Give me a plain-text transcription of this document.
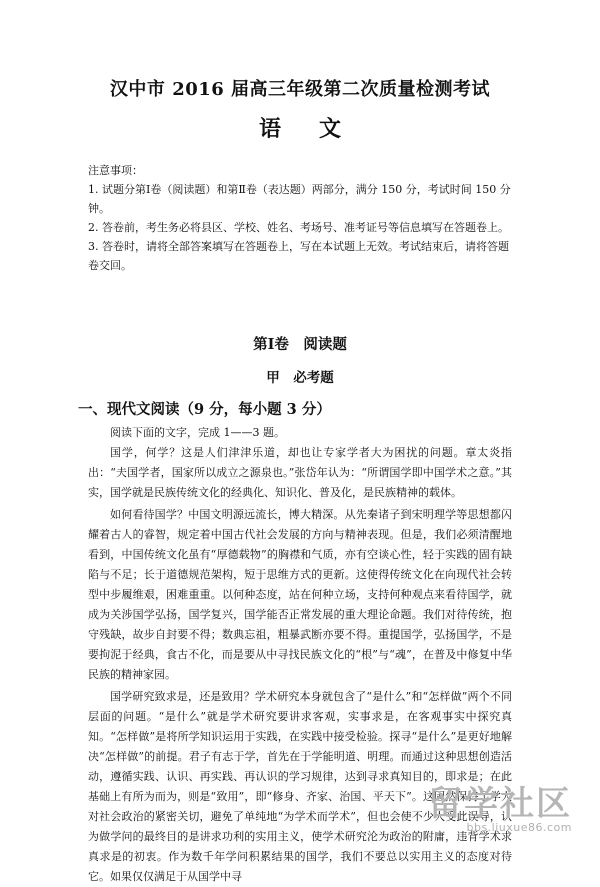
汉中市 2016 届高三年级第二次质量检测考试
语文

注意事项：

1. 试题分第Ⅰ卷（阅读题）和第Ⅱ卷（表达题）两部分，满分 150 分，考试时间 150 分钟。

2. 答卷前，考生务必将县区、学校、姓名、考场号、准考证号等信息填写在答题卷上。

3. 答卷时，请将全部答案填写在答题卷上，写在本试题上无效。考试结束后，请将答题卷交回。

第Ⅰ卷　阅读题
甲　必考题
一、现代文阅读（9 分，每小题 3 分）

阅读下面的文字，完成 1——3 题。

国学，何学？这是人们津津乐道，却也让专家学者大为困扰的问题。章太炎指出：“夫国学者，国家所以成立之源泉也。”张岱年认为：“所谓国学即中国学术之意。”其实，国学就是民族传统文化的经典化、知识化、普及化，是民族精神的载体。

如何看待国学？中国文明源远流长，博大精深。从先秦诸子到宋明理学等思想都闪耀着古人的睿智，规定着中国古代社会发展的方向与精神表现。但是，我们必须清醒地看到，中国传统文化虽有“厚德载物”的胸襟和气质，亦有空谈心性，轻于实践的固有缺陷与不足；长于道德规范架构，短于思维方式的更新。这使得传统文化在向现代社会转型中步履维艰，困难重重。以何种态度，站在何种立场，支持何种观点来看待国学，就成为关涉国学弘扬，国学复兴，国学能否正常发展的重大理论命题。我们对待传统，抱守残缺，故步自封要不得；数典忘祖，粗暴武断亦要不得。重提国学，弘扬国学，不是要拘泥于经典，食古不化，而是要从中寻找民族文化的“根”与“魂”，在普及中修复中华民族的精神家园。

国学研究致求是，还是致用？学术研究本身就包含了“是什么”和“怎样做”两个不同层面的问题。“是什么”就是学术研究要讲求客观，实事求是，在客观事实中探究真知。“怎样做”是将所学知识运用于实践，在实践中接受检验。探寻“是什么”是更好地解决“怎样做”的前提。君子有志于学，首先在于学能明道、明理。而通过这种思想创造活动，遵循实践、认识、再实践、再认识的学习规律，达到寻求真知目的，即求是；在此基础上有所为而为，则是“致用”，即“修身、齐家、治国、平天下”。这固然保持了学人对社会政治的紧密关切，避免了单纯地“为学术而学术”，但也会使不少人受此误导，认为做学问的最终目的是讲求功利的实用主义，使学术研究沦为政治的附庸，违背学术求真求是的初衷。作为数千年学问积累结果的国学，我们不要总以实用主义的态度对待它。如果仅仅满足于从国学中寻

留学社区
bbs.liuxue86.com
